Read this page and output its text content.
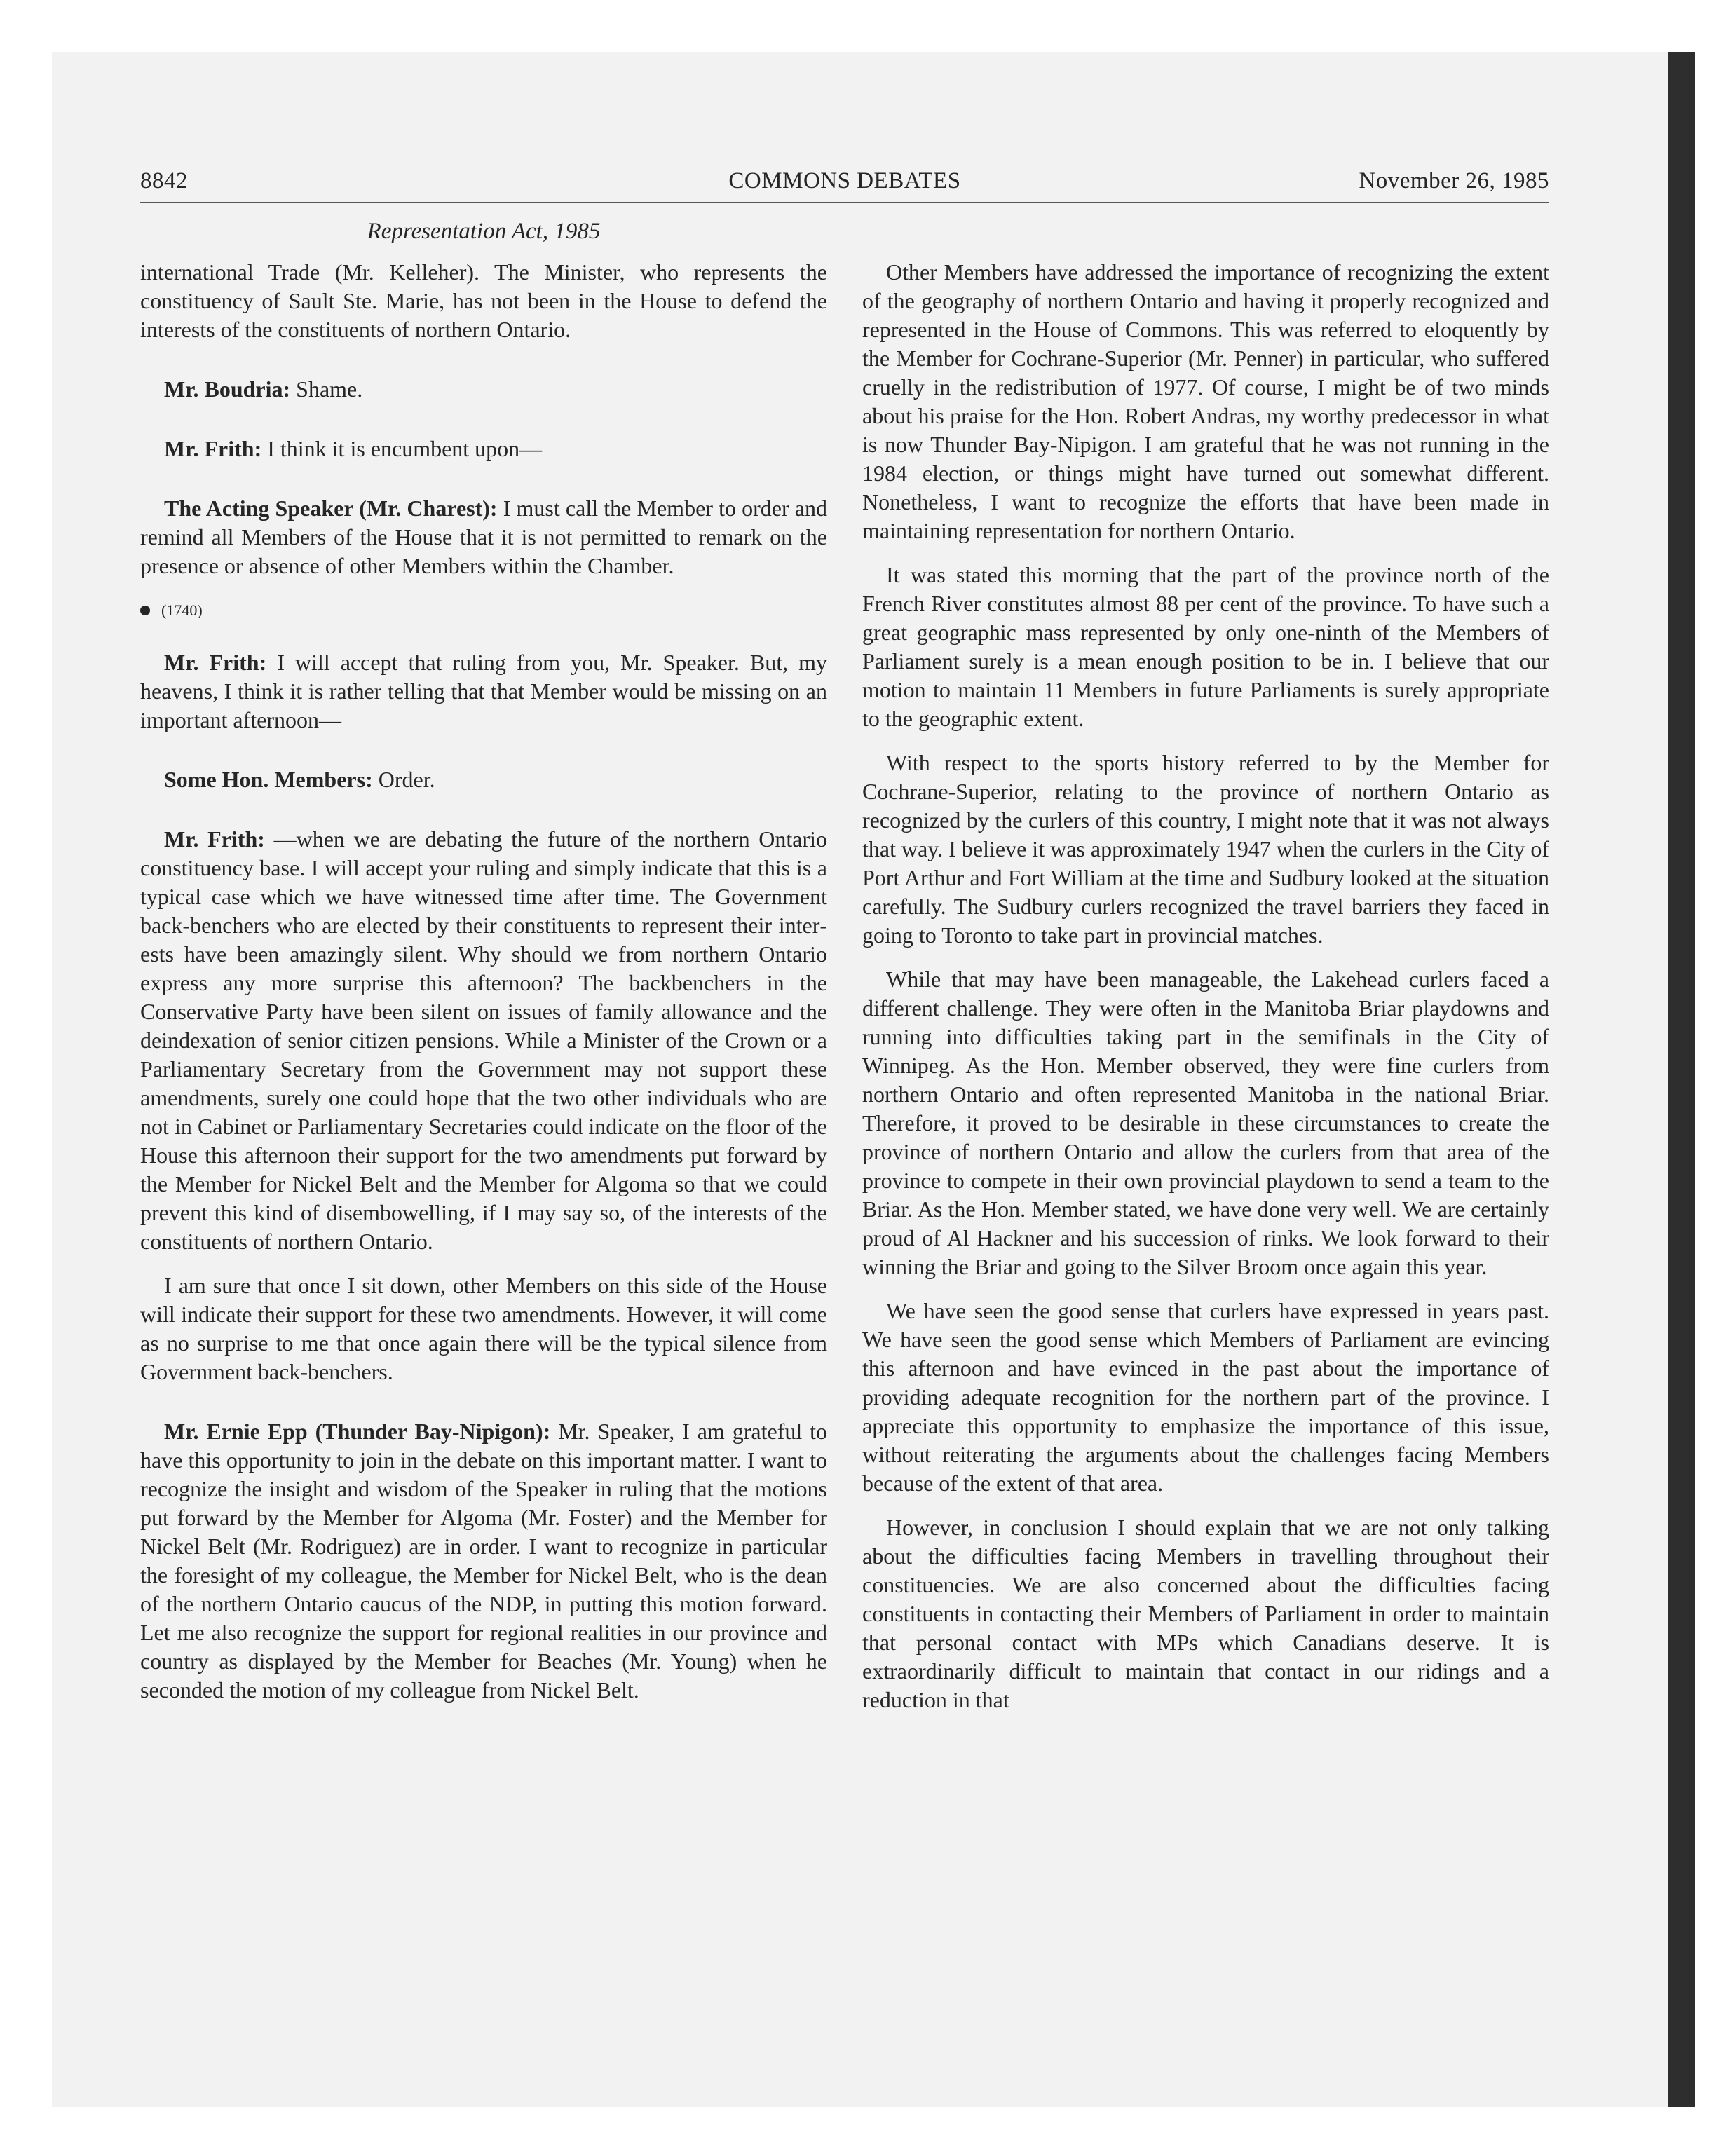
8842	COMMONS DEBATES	November 26, 1985
Representation Act, 1985

international Trade (Mr. Kelleher). The Minister, who represents the constituency of Sault Ste. Marie, has not been in the House to defend the interests of the constituents of northern Ontario.

Mr. Boudria: Shame.

Mr. Frith: I think it is encumbent upon—

The Acting Speaker (Mr. Charest): I must call the Member to order and remind all Members of the House that it is not permitted to remark on the presence or absence of other Members within the Chamber.

(1740)

Mr. Frith: I will accept that ruling from you, Mr. Speaker. But, my heavens, I think it is rather telling that that Member would be missing on an important afternoon—

Some Hon. Members: Order.

Mr. Frith: —when we are debating the future of the northern Ontario constituency base. I will accept your ruling and simply indicate that this is a typical case which we have witnessed time after time. The Government back-benchers who are elected by their constituents to represent their interests have been amazingly silent. Why should we from northern Ontario express any more surprise this afternoon? The backbenchers in the Conservative Party have been silent on issues of family allowance and the deindexation of senior citizen pensions. While a Minister of the Crown or a Parliamentary Secretary from the Government may not support these amendments, surely one could hope that the two other individuals who are not in Cabinet or Parliamentary Secretaries could indicate on the floor of the House this afternoon their support for the two amendments put forward by the Member for Nickel Belt and the Member for Algoma so that we could prevent this kind of disembowelling, if I may say so, of the interests of the constituents of northern Ontario.

I am sure that once I sit down, other Members on this side of the House will indicate their support for these two amendments. However, it will come as no surprise to me that once again there will be the typical silence from Government back-benchers.

Mr. Ernie Epp (Thunder Bay-Nipigon): Mr. Speaker, I am grateful to have this opportunity to join in the debate on this important matter. I want to recognize the insight and wisdom of the Speaker in ruling that the motions put forward by the Member for Algoma (Mr. Foster) and the Member for Nickel Belt (Mr. Rodriguez) are in order. I want to recognize in particular the foresight of my colleague, the Member for Nickel Belt, who is the dean of the northern Ontario caucus of the NDP, in putting this motion forward. Let me also recognize the support for regional realities in our province and country as displayed by the Member for Beaches (Mr. Young) when he seconded the motion of my colleague from Nickel Belt.

Other Members have addressed the importance of recognizing the extent of the geography of northern Ontario and having it properly recognized and represented in the House of Commons. This was referred to eloquently by the Member for Cochrane-Superior (Mr. Penner) in particular, who suffered cruelly in the redistribution of 1977. Of course, I might be of two minds about his praise for the Hon. Robert Andras, my worthy predecessor in what is now Thunder Bay-Nipigon. I am grateful that he was not running in the 1984 election, or things might have turned out somewhat different. Nonetheless, I want to recognize the efforts that have been made in maintaining representation for northern Ontario.

It was stated this morning that the part of the province north of the French River constitutes almost 88 per cent of the province. To have such a great geographic mass represented by only one-ninth of the Members of Parliament surely is a mean enough position to be in. I believe that our motion to maintain 11 Members in future Parliaments is surely appropriate to the geographic extent.

With respect to the sports history referred to by the Member for Cochrane-Superior, relating to the province of northern Ontario as recognized by the curlers of this country, I might note that it was not always that way. I believe it was approximately 1947 when the curlers in the City of Port Arthur and Fort William at the time and Sudbury looked at the situation carefully. The Sudbury curlers recognized the travel barriers they faced in going to Toronto to take part in provincial matches.

While that may have been manageable, the Lakehead curlers faced a different challenge. They were often in the Manitoba Briar playdowns and running into difficulties taking part in the semifinals in the City of Winnipeg. As the Hon. Member observed, they were fine curlers from northern Ontario and often represented Manitoba in the national Briar. Therefore, it proved to be desirable in these circumstances to create the province of northern Ontario and allow the curlers from that area of the province to compete in their own provincial playdown to send a team to the Briar. As the Hon. Member stated, we have done very well. We are certainly proud of Al Hackner and his succession of rinks. We look forward to their winning the Briar and going to the Silver Broom once again this year.

We have seen the good sense that curlers have expressed in years past. We have seen the good sense which Members of Parliament are evincing this afternoon and have evinced in the past about the importance of providing adequate recognition for the northern part of the province. I appreciate this opportunity to emphasize the importance of this issue, without reiterating the arguments about the challenges facing Members because of the extent of that area.

However, in conclusion I should explain that we are not only talking about the difficulties facing Members in travelling throughout their constituencies. We are also concerned about the difficulties facing constituents in contacting their Members of Parliament in order to maintain that personal contact with MPs which Canadians deserve. It is extraordinarily difficult to maintain that contact in our ridings and a reduction in that
